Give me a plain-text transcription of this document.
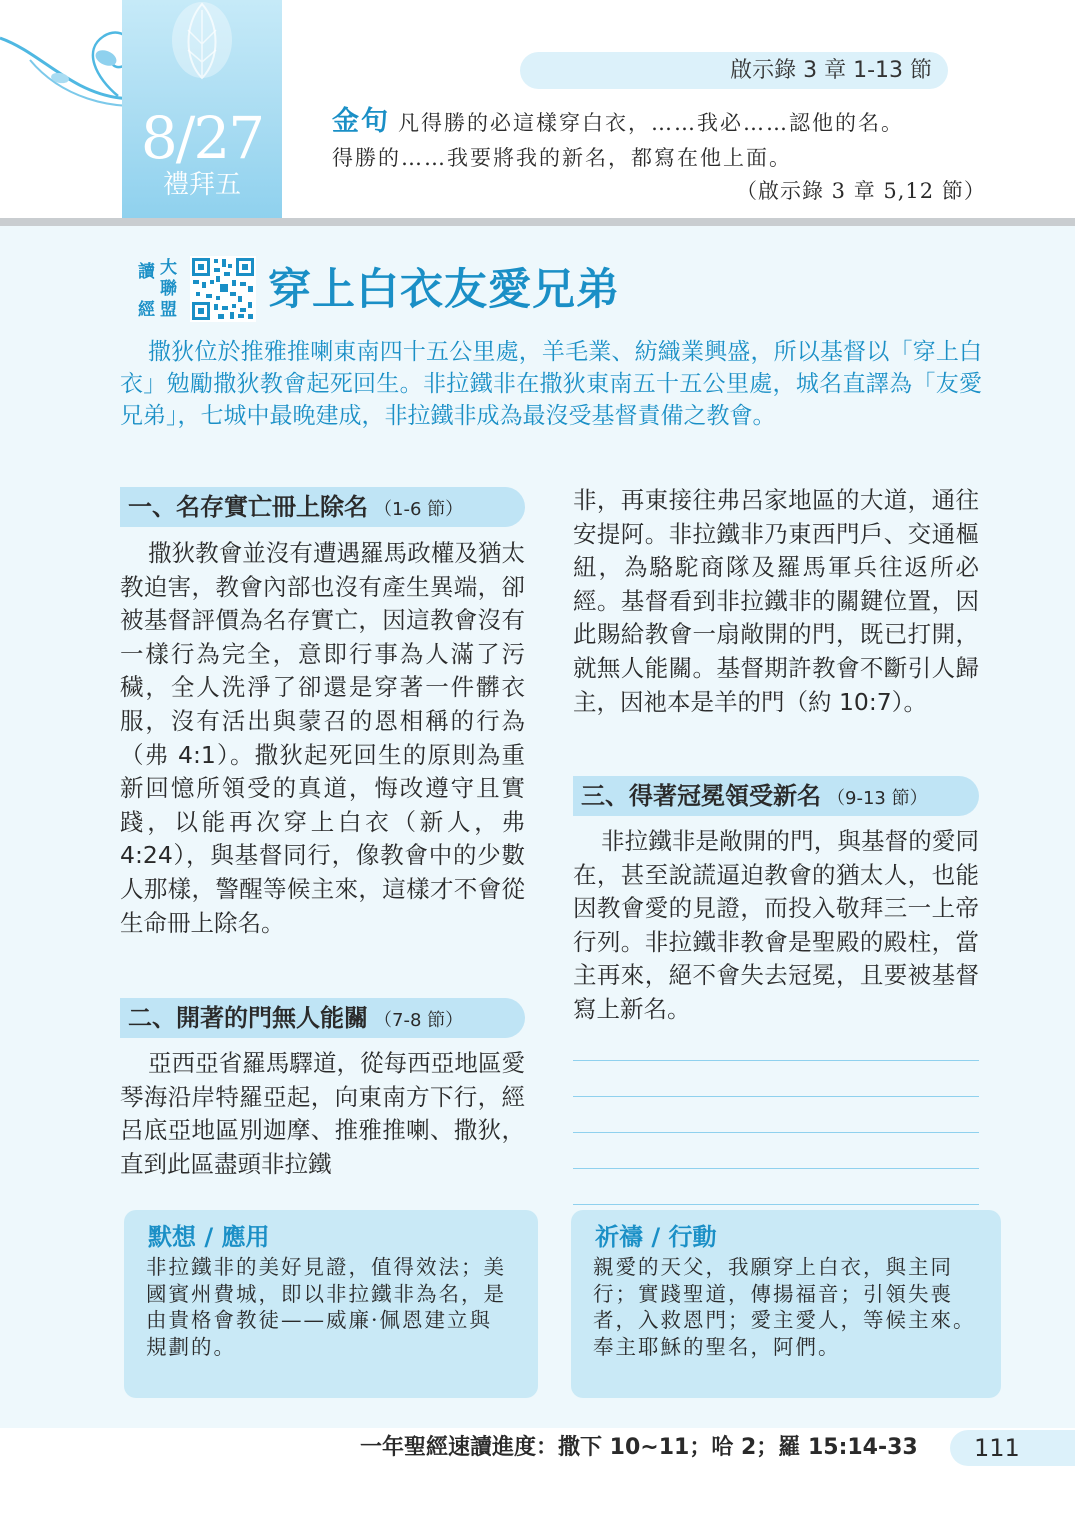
8/27
禮拜五
啟示錄 3 章 1-13 節
金句 凡得勝的必這樣穿白衣，……我必……認他的名。
得勝的……我要將我的新名，都寫在他上面。
（啟示錄 3 章 5,12 節）
讀 大
聯
經 盟 穿上白衣友愛兄弟

撒狄位於推雅推喇東南四十五公里處，羊毛業、紡織業興盛，所以基督以「穿上白衣」勉勵撒狄教會起死回生。非拉鐵非在撒狄東南五十五公里處，城名直譯為「友愛兄弟」，七城中最晚建成，非拉鐵非成為最沒受基督責備之教會。

一、名存實亡冊上除名 （1-6 節）

撒狄教會並沒有遭遇羅馬政權及猶太教迫害，教會內部也沒有產生異端，卻被基督評價為名存實亡，因這教會沒有一樣行為完全，意即行事為人滿了污穢，全人洗淨了卻還是穿著一件髒衣服，沒有活出與蒙召的恩相稱的行為（弗 4:1）。撒狄起死回生的原則為重新回憶所領受的真道，悔改遵守且實踐，以能再次穿上白衣（新人，弗 4:24），與基督同行，像教會中的少數人那樣，警醒等候主來，這樣才不會從生命冊上除名。

二、開著的門無人能關 （7-8 節）

亞西亞省羅馬驛道，從每西亞地區愛琴海沿岸特羅亞起，向東南方下行，經呂底亞地區別迦摩、推雅推喇、撒狄，直到此區盡頭非拉鐵

非，再東接往弗呂家地區的大道，通往安提阿。非拉鐵非乃東西門戶、交通樞紐，為駱駝商隊及羅馬軍兵往返所必經。基督看到非拉鐵非的關鍵位置，因此賜給教會一扇敞開的門，既已打開，就無人能關。基督期許教會不斷引人歸主，因祂本是羊的門（約 10:7）。

三、得著冠冕領受新名 （9-13 節）

非拉鐵非是敞開的門，與基督的愛同在，甚至說謊逼迫教會的猶太人，也能因教會愛的見證，而投入敬拜三一上帝行列。非拉鐵非教會是聖殿的殿柱，當主再來，絕不會失去冠冕，且要被基督寫上新名。

默想 / 應用

非拉鐵非的美好見證，值得效法；美國賓州費城，即以非拉鐵非為名，是由貴格會教徒——威廉·佩恩建立與規劃的。

祈禱 / 行動

親愛的天父，我願穿上白衣，與主同行；實踐聖道，傳揚福音；引領失喪者，入救恩門；愛主愛人，等候主來。奉主耶穌的聖名，阿們。

一年聖經速讀進度：撒下 10~11；哈 2；羅 15:14-33 111
